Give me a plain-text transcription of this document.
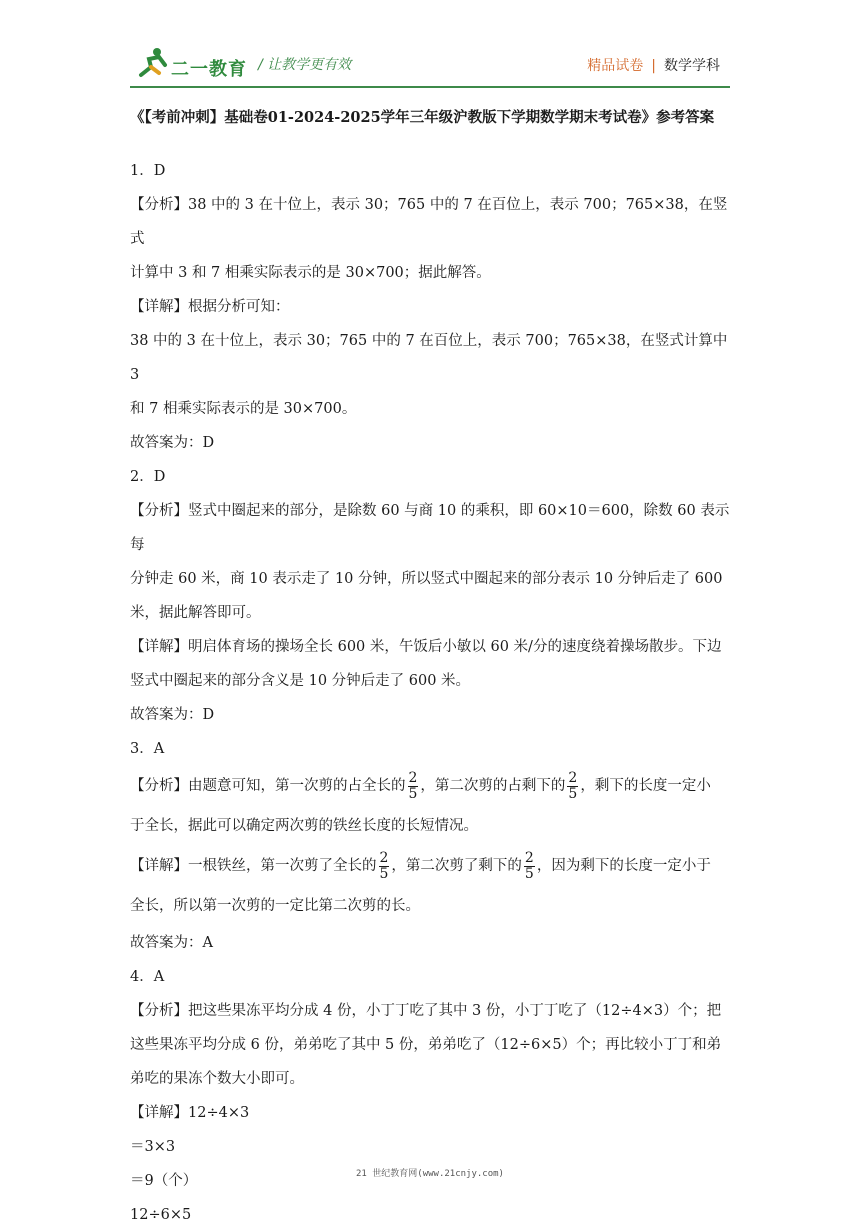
二一教育 / 让教学更有效	精品试卷 | 数学学科
《【考前冲刺】基础卷01-2024-2025学年三年级沪教版下学期数学期末考试卷》参考答案

1．D

【分析】38 中的 3 在十位上，表示 30；765 中的 7 在百位上，表示 700；765×38，在竖式
计算中 3 和 7 相乘实际表示的是 30×700；据此解答。

【详解】根据分析可知：

38 中的 3 在十位上，表示 30；765 中的 7 在百位上，表示 700；765×38，在竖式计算中 3
和 7 相乘实际表示的是 30×700。

故答案为：D

2．D

【分析】竖式中圈起来的部分，是除数 60 与商 10 的乘积，即 60×10＝600，除数 60 表示每
分钟走 60 米，商 10 表示走了 10 分钟，所以竖式中圈起来的部分表示 10 分钟后走了 600
米，据此解答即可。

【详解】明启体育场的操场全长 600 米，午饭后小敏以 60 米/分的速度绕着操场散步。下边
竖式中圈起来的部分含义是 10 分钟后走了 600 米。

故答案为：D

3．A

【分析】由题意可知，第一次剪的占全长的 $\frac{2}{5}$ ，第二次剪的占剩下的 $\frac{2}{5}$ ，剩下的长度一定小
于全长，据此可以确定两次剪的铁丝长度的长短情况。

【详解】一根铁丝，第一次剪了全长的 $\frac{2}{5}$ ，第二次剪了剩下的 $\frac{2}{5}$ ，因为剩下的长度一定小于
全长，所以第一次剪的一定比第二次剪的长。

故答案为：A

4．A

【分析】把这些果冻平均分成 4 份，小丁丁吃了其中 3 份，小丁丁吃了（12÷4×3）个；把
这些果冻平均分成 6 份，弟弟吃了其中 5 份，弟弟吃了（12÷6×5）个；再比较小丁丁和弟
弟吃的果冻个数大小即可。

【详解】12÷4×3

＝3×3

＝9（个）

12÷6×5

21 世纪教育网(www.21cnjy.com)
